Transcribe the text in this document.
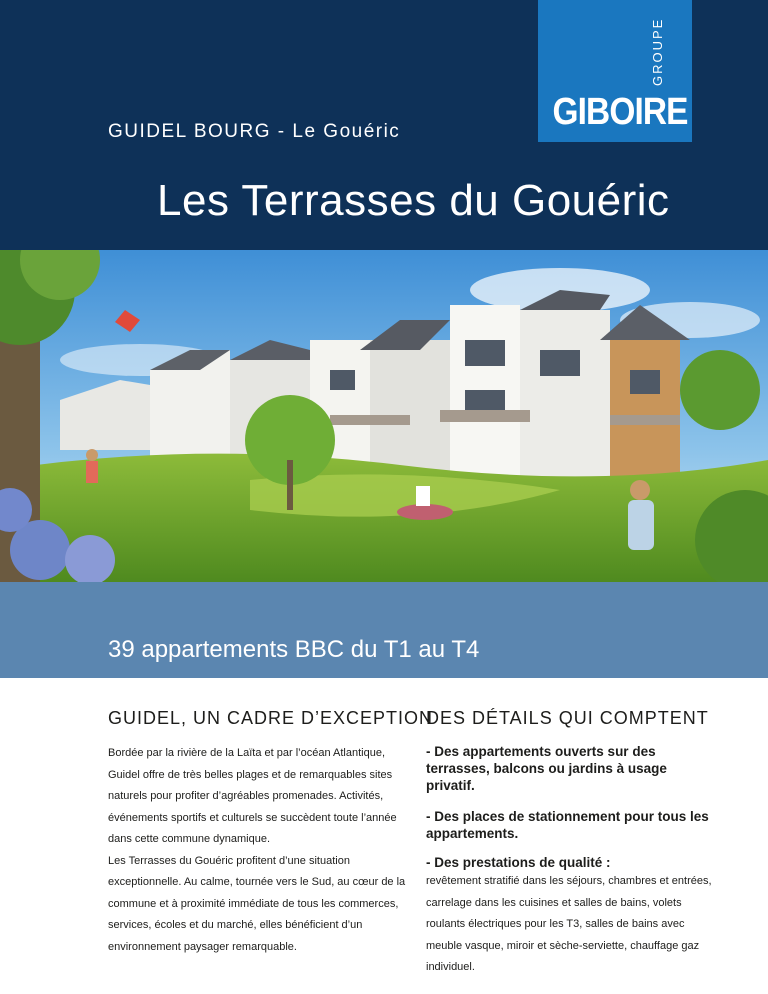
GROUPE
GIBOIRE
GUIDEL BOURG - Le Gouéric
Les Terrasses du Gouéric
39 appartements BBC du T1 au T4
GUIDEL, UN CADRE D’EXCEPTION

Bordée par la rivière de la Laïta et par l’océan Atlantique, Guidel offre de très belles plages et de remarquables sites naturels pour profiter d’agréables promenades. Activités, événements sportifs et culturels se succèdent toute l’année dans cette commune dynamique.

Les Terrasses du Gouéric profitent d’une situation exceptionnelle. Au calme, tournée vers le Sud, au cœur de la commune et à proximité immédiate de tous les commerces, services, écoles et du marché, elles bénéficient d’un environnement paysager remarquable.

DES DÉTAILS QUI COMPTENT

- Des appartements ouverts sur des terrasses, balcons ou jardins à usage privatif.

- Des places de stationnement pour tous les appartements.

- Des prestations de qualité :

revêtement stratifié dans les séjours, chambres et entrées, carrelage dans les cuisines et salles de bains, volets roulants électriques pour les T3, salles de bains avec meuble vasque, miroir et sèche-serviette, chauffage gaz individuel.
